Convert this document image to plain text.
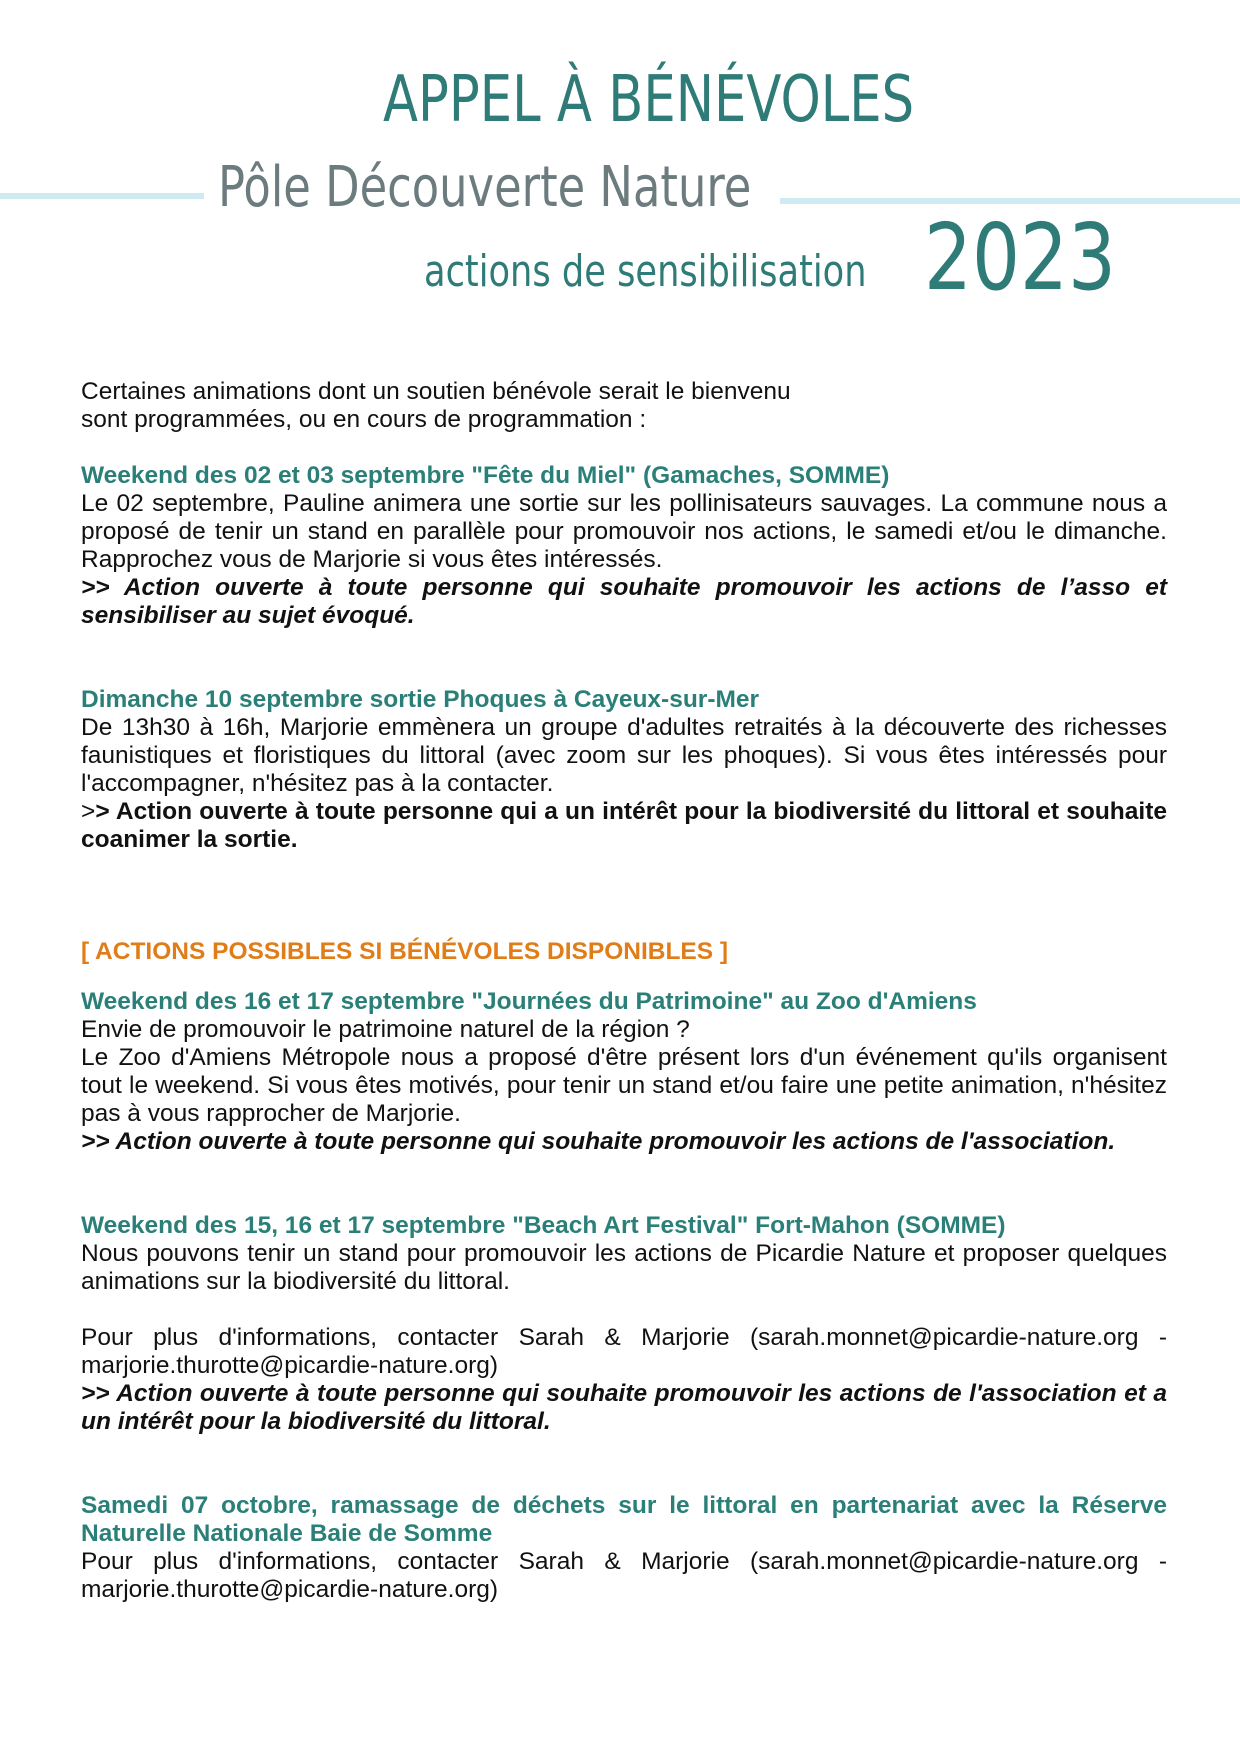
APPEL À BÉNÉVOLES
Pôle Découverte Nature
actions de sensibilisation 2023

Certaines animations dont un soutien bénévole serait le bienvenu

sont programmées, ou en cours de programmation :

Weekend des 02 et 03 septembre "Fête du Miel" (Gamaches, SOMME)

Le 02 septembre, Pauline animera une sortie sur les pollinisateurs sauvages. La commune nous a proposé de tenir un stand en parallèle pour promouvoir nos actions, le samedi et/ou le dimanche. Rapprochez vous de Marjorie si vous êtes intéressés.

>> Action ouverte à toute personne qui souhaite promouvoir les actions de l’asso et sensibiliser au sujet évoqué.

Dimanche 10 septembre sortie Phoques à Cayeux-sur-Mer

De 13h30 à 16h, Marjorie emmènera un groupe d'adultes retraités à la découverte des richesses faunistiques et floristiques du littoral (avec zoom sur les phoques). Si vous êtes intéressés pour l'accompagner, n'hésitez pas à la contacter.

>> Action ouverte à toute personne qui a un intérêt pour la biodiversité du littoral et souhaite coanimer la sortie.

[ ACTIONS POSSIBLES SI BÉNÉVOLES DISPONIBLES ]

Weekend des 16 et 17 septembre "Journées du Patrimoine" au Zoo d'Amiens

Envie de promouvoir le patrimoine naturel de la région ?

Le Zoo d'Amiens Métropole nous a proposé d'être présent lors d'un événement qu'ils organisent tout le weekend. Si vous êtes motivés, pour tenir un stand et/ou faire une petite animation, n'hésitez pas à vous rapprocher de Marjorie.

>> Action ouverte à toute personne qui souhaite promouvoir les actions de l'association.

Weekend des 15, 16 et 17 septembre "Beach Art Festival" Fort-Mahon (SOMME)

Nous pouvons tenir un stand pour promouvoir les actions de Picardie Nature et proposer quelques animations sur la biodiversité du littoral.

Pour plus d'informations, contacter Sarah & Marjorie (sarah.monnet@picardie-nature.org - marjorie.thurotte@picardie-nature.org)

>> Action ouverte à toute personne qui souhaite promouvoir les actions de l'association et a un intérêt pour la biodiversité du littoral.

Samedi 07 octobre, ramassage de déchets sur le littoral en partenariat avec la Réserve Naturelle Nationale Baie de Somme

Pour plus d'informations, contacter Sarah & Marjorie (sarah.monnet@picardie-nature.org - marjorie.thurotte@picardie-nature.org)
